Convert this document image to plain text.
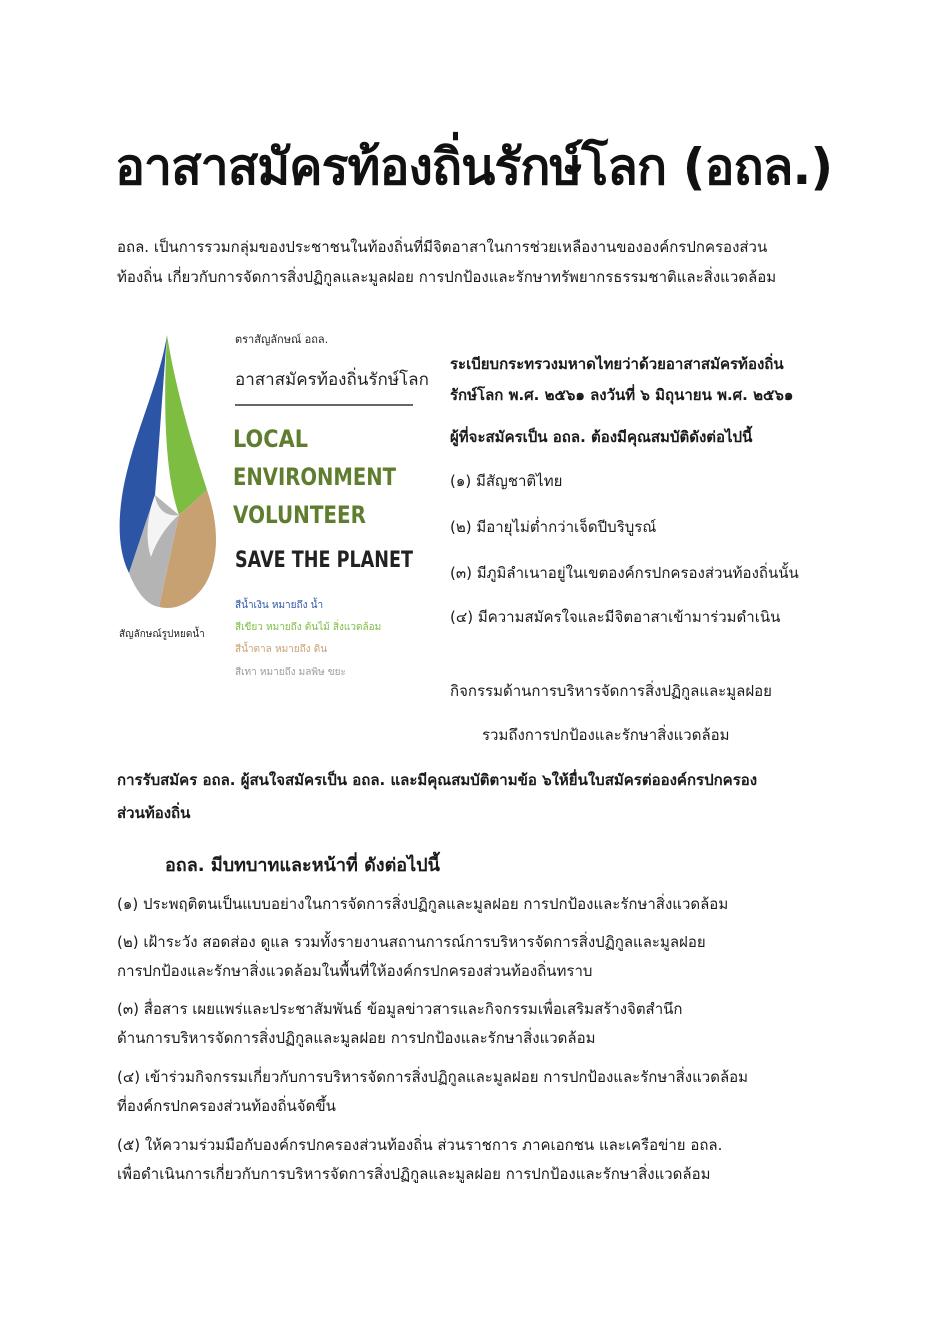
อาสาสมัครท้องถิ่นรักษ์โลก (อถล.)
อถล. เป็นการรวมกลุ่มของประชาชนในท้องถิ่นที่มีจิตอาสาในการช่วยเหลืองานขององค์กรปกครองส่วน
ท้องถิ่น เกี่ยวกับการจัดการสิ่งปฏิกูลและมูลฝอย การปกป้องและรักษาทรัพยากรธรรมชาติและสิ่งแวดล้อม
ตราสัญลักษณ์ อถล.
อาสาสมัครท้องถิ่นรักษ์โลก
LOCAL
ENVIRONMENT
VOLUNTEER
SAVE THE PLANET
สีน้ำเงิน หมายถึง น้ำ
สีเขียว หมายถึง ต้นไม้ สิ่งแวดล้อม
สีน้ำตาล หมายถึง ดิน
สีเทา หมายถึง มลพิษ ขยะ
สัญลักษณ์รูปหยดน้ำ
ระเบียบกระทรวงมหาดไทยว่าด้วยอาสาสมัครท้องถิ่น
รักษ์โลก พ.ศ. ๒๕๖๑ ลงวันที่ ๖ มิถุนายน พ.ศ. ๒๕๖๑
ผู้ที่จะสมัครเป็น อถล. ต้องมีคุณสมบัติดังต่อไปนี้
(๑) มีสัญชาติไทย
(๒) มีอายุไม่ต่ำกว่าเจ็ดปีบริบูรณ์
(๓) มีภูมิลำเนาอยู่ในเขตองค์กรปกครองส่วนท้องถิ่นนั้น
(๔) มีความสมัครใจและมีจิตอาสาเข้ามาร่วมดำเนิน
กิจกรรมด้านการบริหารจัดการสิ่งปฏิกูลและมูลฝอย
รวมถึงการปกป้องและรักษาสิ่งแวดล้อม
การรับสมัคร อถล. ผู้สนใจสมัครเป็น อถล. และมีคุณสมบัติตามข้อ ๖ให้ยื่นใบสมัครต่อองค์กรปกครอง
ส่วนท้องถิ่น
อถล. มีบทบาทและหน้าที่ ดังต่อไปนี้
(๑) ประพฤติตนเป็นแบบอย่างในการจัดการสิ่งปฏิกูลและมูลฝอย การปกป้องและรักษาสิ่งแวดล้อม
(๒) เฝ้าระวัง สอดส่อง ดูแล รวมทั้งรายงานสถานการณ์การบริหารจัดการสิ่งปฏิกูลและมูลฝอย
การปกป้องและรักษาสิ่งแวดล้อมในพื้นที่ให้องค์กรปกครองส่วนท้องถิ่นทราบ
(๓) สื่อสาร เผยแพร่และประชาสัมพันธ์ ข้อมูลข่าวสารและกิจกรรมเพื่อเสริมสร้างจิตสำนึก
ด้านการบริหารจัดการสิ่งปฏิกูลและมูลฝอย การปกป้องและรักษาสิ่งแวดล้อม
(๔) เข้าร่วมกิจกรรมเกี่ยวกับการบริหารจัดการสิ่งปฏิกูลและมูลฝอย การปกป้องและรักษาสิ่งแวดล้อม
ที่องค์กรปกครองส่วนท้องถิ่นจัดขึ้น
(๕) ให้ความร่วมมือกับองค์กรปกครองส่วนท้องถิ่น ส่วนราชการ ภาคเอกชน และเครือข่าย อถล.
เพื่อดำเนินการเกี่ยวกับการบริหารจัดการสิ่งปฏิกูลและมูลฝอย การปกป้องและรักษาสิ่งแวดล้อม
